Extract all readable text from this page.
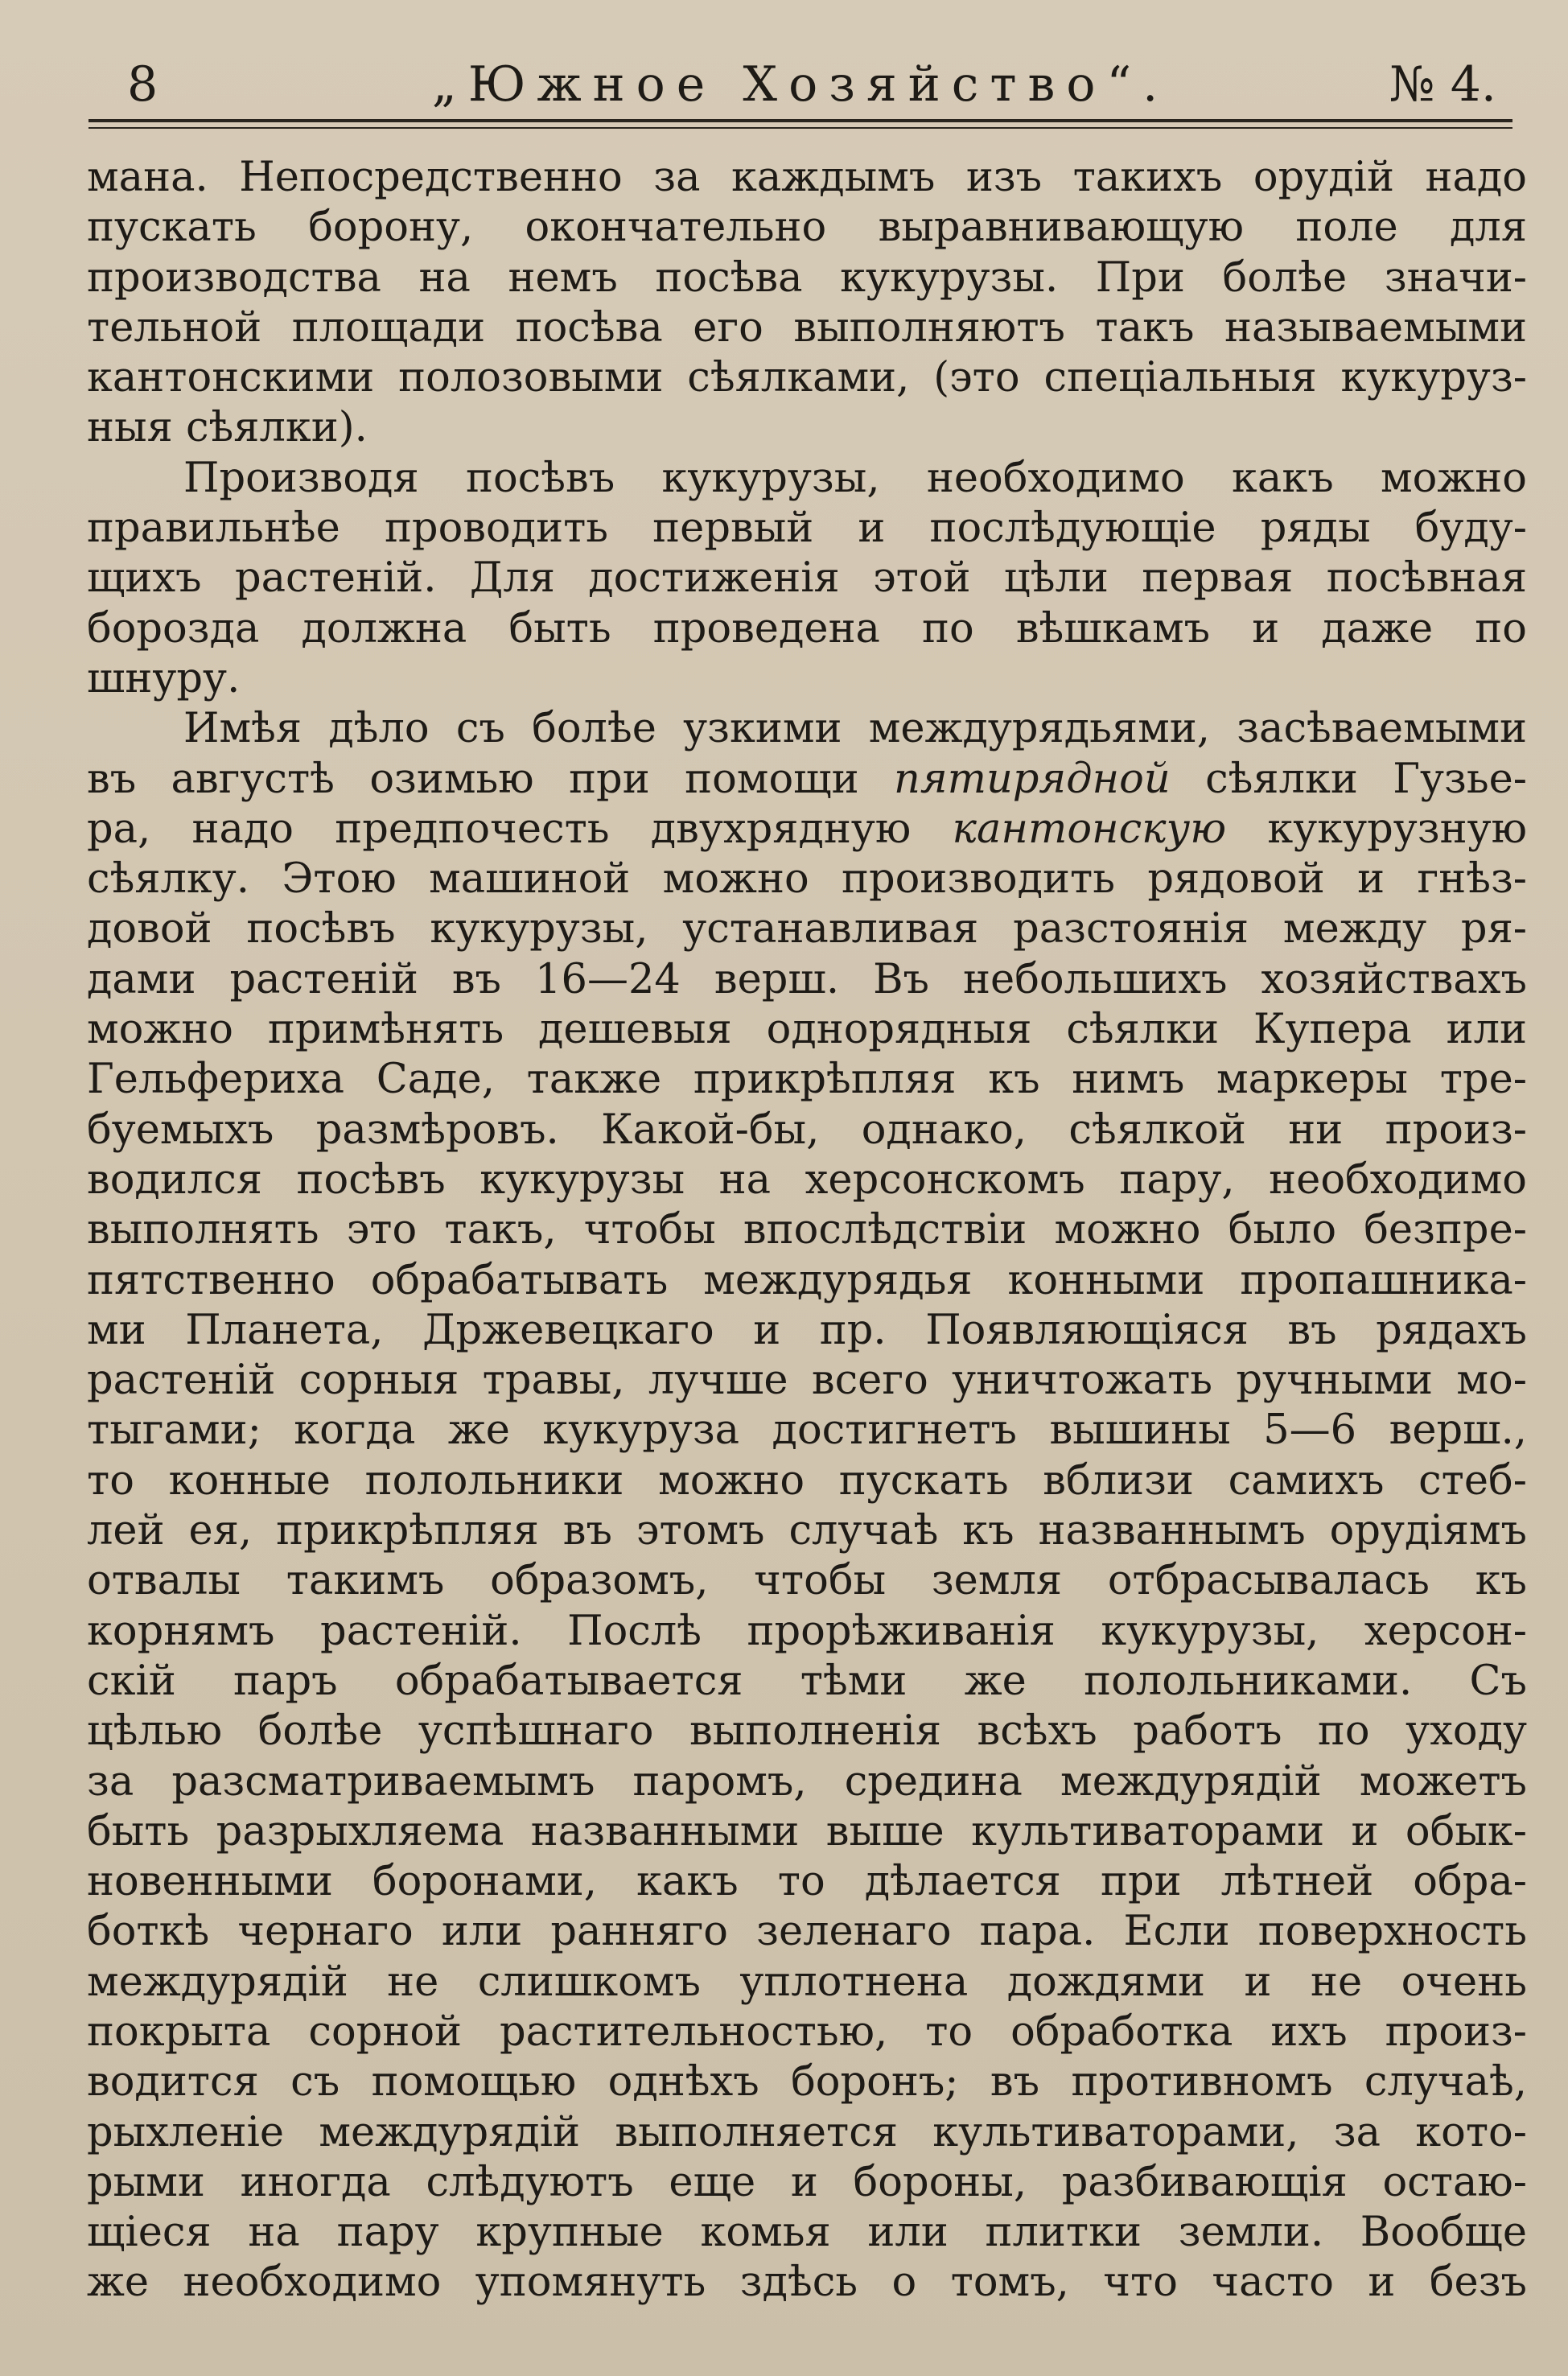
8	„Южное Хозяйство“.	№ 4.
мана. Непосредственно за каждымъ изъ такихъ орудій надо
пускать борону, окончательно выравнивающую поле для
производства на немъ посѣва кукурузы. При болѣе значи-
тельной площади посѣва его выполняютъ такъ называемыми
кантонскими полозовыми сѣялками, (это спеціальныя кукуруз-
ныя сѣялки).
Производя посѣвъ кукурузы, необходимо какъ можно
правильнѣе проводить первый и послѣдующіе ряды буду-
щихъ растеній. Для достиженія этой цѣли первая посѣвная
борозда должна быть проведена по вѣшкамъ и даже по
шнуру.
Имѣя дѣло съ болѣе узкими междурядьями, засѣваемыми
въ августѣ озимью при помощи пятирядной сѣялки Гузье-
ра, надо предпочесть двухрядную кантонскую кукурузную
сѣялку. Этою машиной можно производить рядовой и гнѣз-
довой посѣвъ кукурузы, устанавливая разстоянія между ря-
дами растеній въ 16—24 верш. Въ небольшихъ хозяйствахъ
можно примѣнять дешевыя однорядныя сѣялки Купера или
Гельфериха Саде, также прикрѣпляя къ нимъ маркеры тре-
буемыхъ размѣровъ. Какой-бы, однако, сѣялкой ни произ-
водился посѣвъ кукурузы на херсонскомъ пару, необходимо
выполнять это такъ, чтобы впослѣдствіи можно было безпре-
пятственно обрабатывать междурядья конными пропашника-
ми Планета, Држевецкаго и пр. Появляющіяся въ рядахъ
растеній сорныя травы, лучше всего уничтожать ручными мо-
тыгами; когда же кукуруза достигнетъ вышины 5—6 верш.,
то конные полольники можно пускать вблизи самихъ стеб-
лей ея, прикрѣпляя въ этомъ случаѣ къ названнымъ орудіямъ
отвалы такимъ образомъ, чтобы земля отбрасывалась къ
корнямъ растеній. Послѣ прорѣживанія кукурузы, херсон-
скій паръ обрабатывается тѣми же полольниками. Съ
цѣлью болѣе успѣшнаго выполненія всѣхъ работъ по уходу
за разсматриваемымъ паромъ, средина междурядій можетъ
быть разрыхляема названными выше культиваторами и обык-
новенными боронами, какъ то дѣлается при лѣтней обра-
боткѣ чернаго или ранняго зеленаго пара. Если поверхность
междурядій не слишкомъ уплотнена дождями и не очень
покрыта сорной растительностью, то обработка ихъ произ-
водится съ помощью однѣхъ боронъ; въ противномъ случаѣ,
рыхленіе междурядій выполняется культиваторами, за кото-
рыми иногда слѣдуютъ еще и бороны, разбивающія остаю-
щіеся на пару крупные комья или плитки земли. Вообще
же необходимо упомянуть здѣсь о томъ, что часто и безъ
